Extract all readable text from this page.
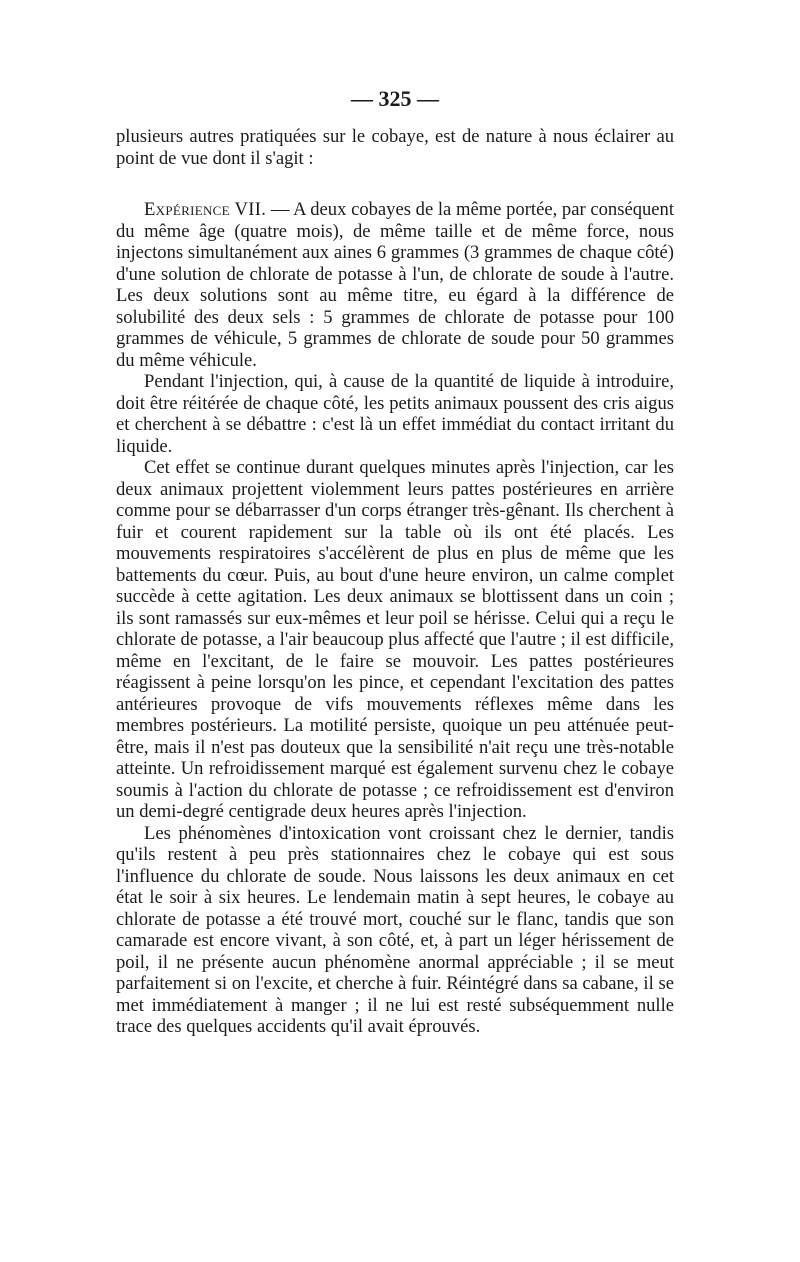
— 325 —

plusieurs autres pratiquées sur le cobaye, est de nature à nous éclairer au point de vue dont il s'agit :

Expérience VII. — A deux cobayes de la même portée, par conséquent du même âge (quatre mois), de même taille et de même force, nous injectons simultanément aux aines 6 grammes (3 grammes de chaque côté) d'une solution de chlorate de potasse à l'un, de chlorate de soude à l'autre. Les deux solutions sont au même titre, eu égard à la différence de solubilité des deux sels : 5 grammes de chlorate de potasse pour 100 grammes de véhicule, 5 grammes de chlorate de soude pour 50 grammes du même véhicule.

Pendant l'injection, qui, à cause de la quantité de liquide à introduire, doit être réitérée de chaque côté, les petits animaux poussent des cris aigus et cherchent à se débattre : c'est là un effet immédiat du contact irritant du liquide.

Cet effet se continue durant quelques minutes après l'injection, car les deux animaux projettent violemment leurs pattes postérieures en arrière comme pour se débarrasser d'un corps étranger très-gênant. Ils cherchent à fuir et courent rapidement sur la table où ils ont été placés. Les mouvements respiratoires s'accélèrent de plus en plus de même que les battements du cœur. Puis, au bout d'une heure environ, un calme complet succède à cette agitation. Les deux animaux se blottissent dans un coin ; ils sont ramassés sur eux-mêmes et leur poil se hérisse. Celui qui a reçu le chlorate de potasse, a l'air beaucoup plus affecté que l'autre ; il est difficile, même en l'excitant, de le faire se mouvoir. Les pattes postérieures réagissent à peine lorsqu'on les pince, et cependant l'excitation des pattes antérieures provoque de vifs mouvements réflexes même dans les membres postérieurs. La motilité persiste, quoique un peu atténuée peut-être, mais il n'est pas douteux que la sensibilité n'ait reçu une très-notable atteinte. Un refroidissement marqué est également survenu chez le cobaye soumis à l'action du chlorate de potasse ; ce refroidissement est d'environ un demi-degré centigrade deux heures après l'injection.

Les phénomènes d'intoxication vont croissant chez le dernier, tandis qu'ils restent à peu près stationnaires chez le cobaye qui est sous l'influence du chlorate de soude. Nous laissons les deux animaux en cet état le soir à six heures. Le lendemain matin à sept heures, le cobaye au chlorate de potasse a été trouvé mort, couché sur le flanc, tandis que son camarade est encore vivant, à son côté, et, à part un léger hérissement de poil, il ne présente aucun phénomène anormal appréciable ; il se meut parfaitement si on l'excite, et cherche à fuir. Réintégré dans sa cabane, il se met immédiatement à manger ; il ne lui est resté subséquemment nulle trace des quelques accidents qu'il avait éprouvés.
